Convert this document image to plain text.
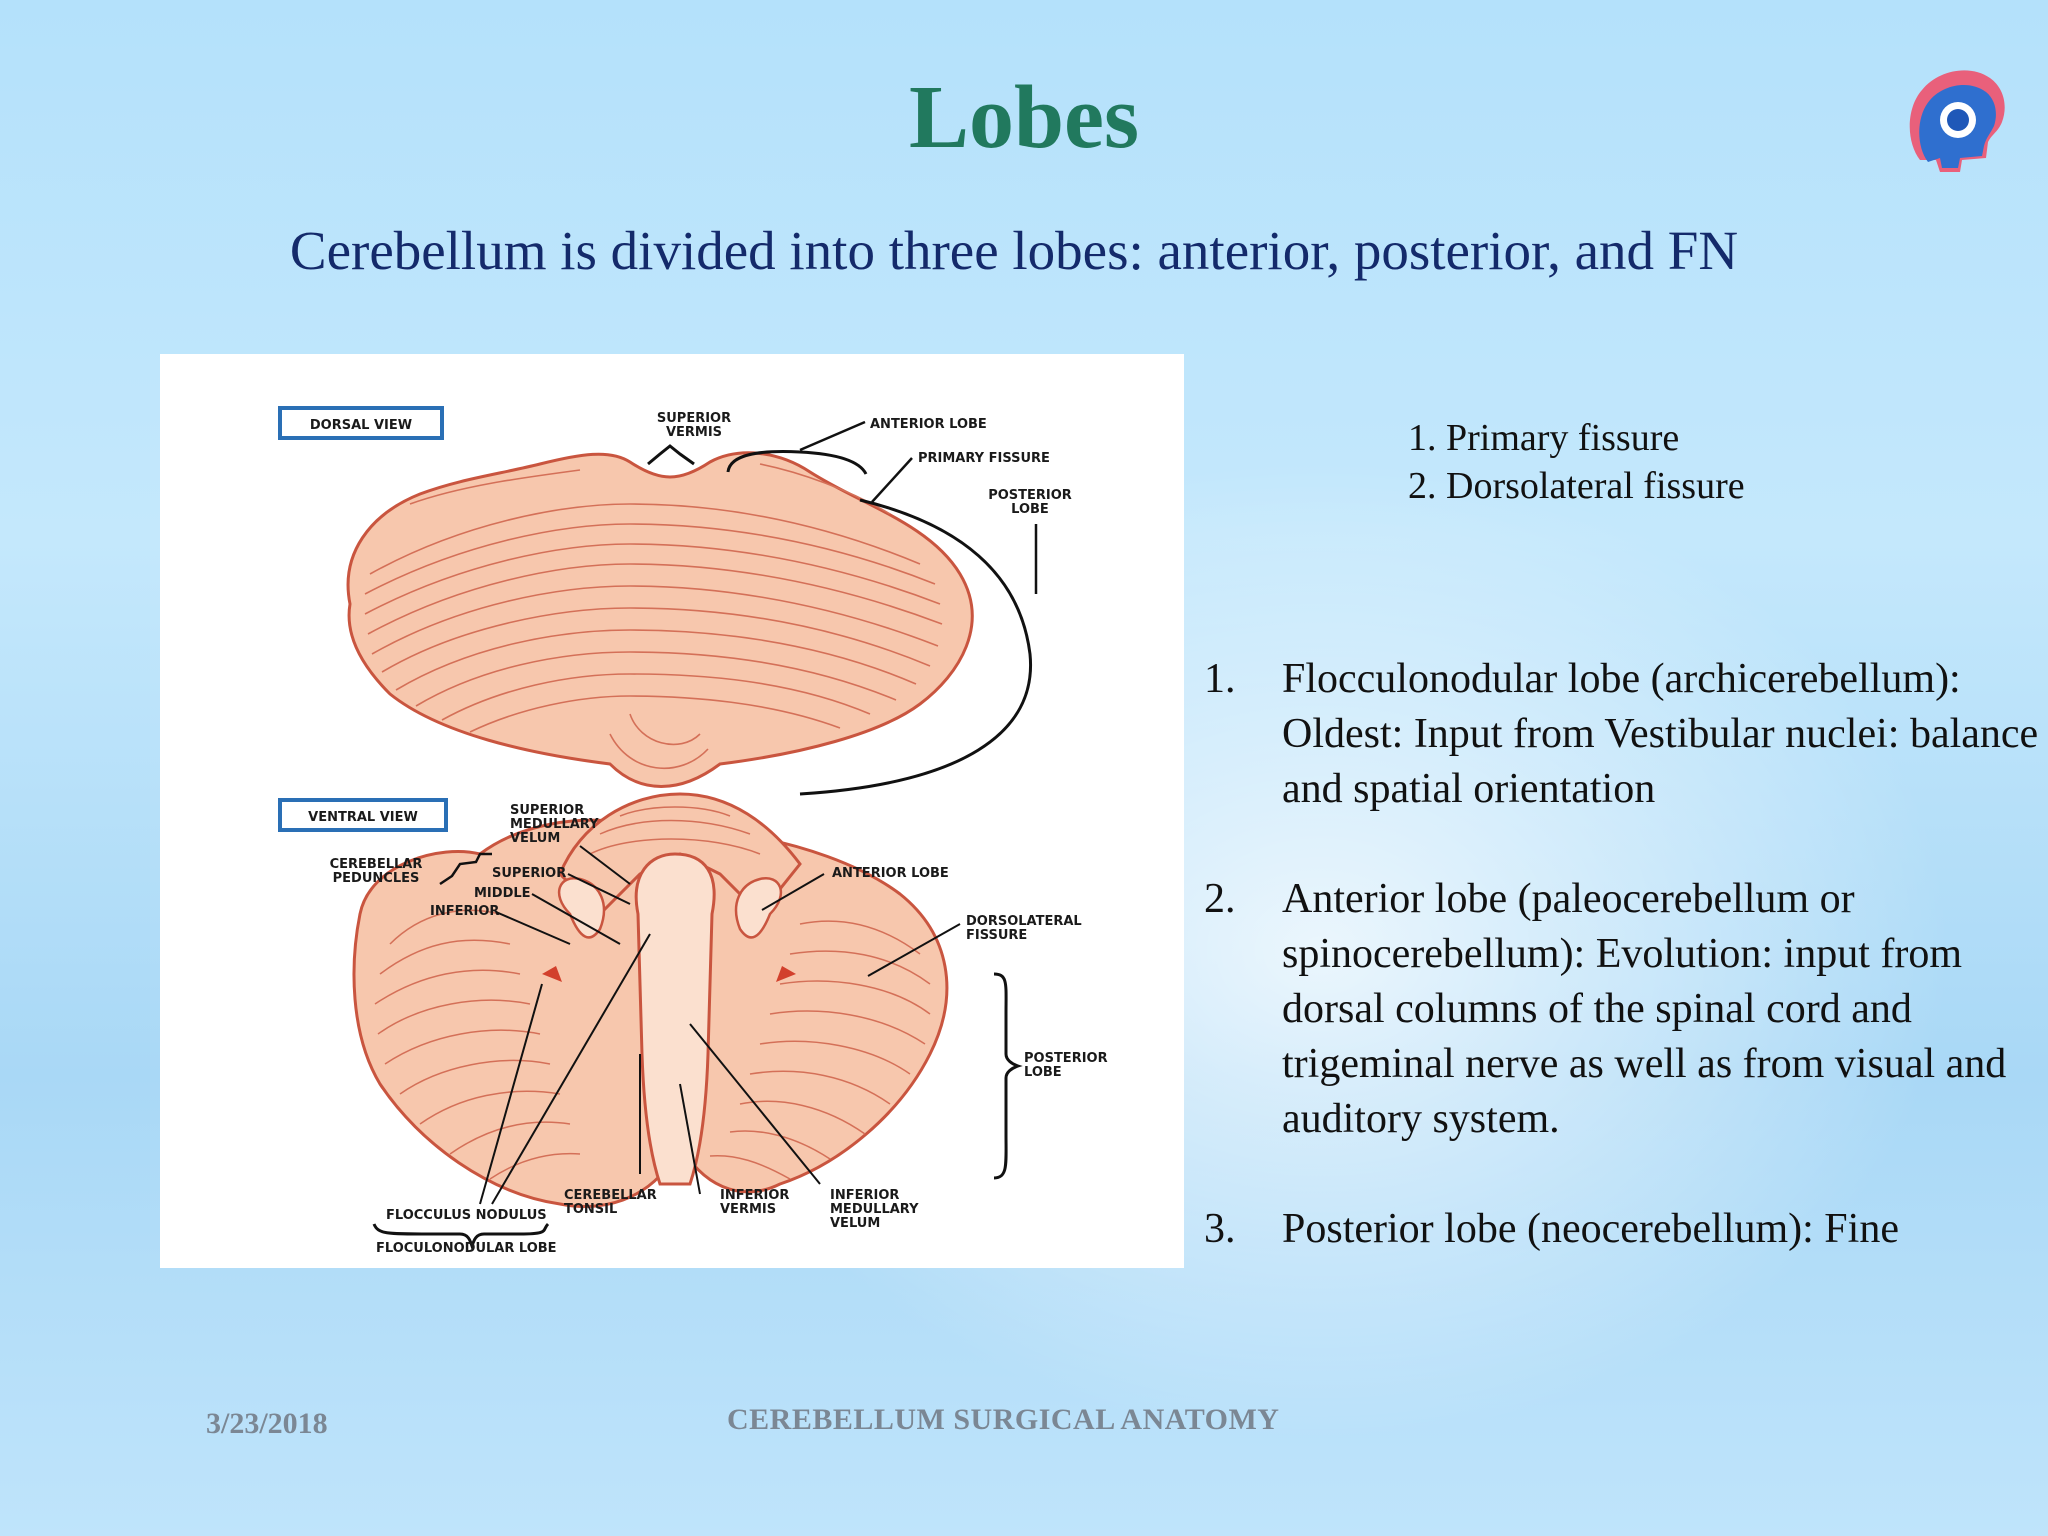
Lobes
Cerebellum is divided into three lobes: anterior, posterior, and FN
DORSAL VIEW	SUPERIOR
VERMIS
ANTERIOR LOBE
PRIMARY FISSURE
POSTERIOR
LOBE
VENTRAL VIEW	SUPERIOR
MEDULLARY
VELUM
CEREBELLAR
PEDUNCLES	SUPERIOR
MIDDLE
INFERIOR
ANTERIOR LOBE
DORSOLATERAL
FISSURE
POSTERIOR
LOBE
FLOCCULUS NODULUS
FLOCULONODULAR LOBE
CEREBELLAR
TONSIL
INFERIOR
VERMIS
INFERIOR
MEDULLARY
VELUM
1. Primary fissure
2. Dorsolateral fissure
1. Flocculonodular lobe (archicerebellum): Oldest: Input from Vestibular nuclei: balance and spatial orientation
2. Anterior lobe (paleocerebellum or spinocerebellum): Evolution: input from dorsal columns of the spinal cord and trigeminal nerve as well as from visual and auditory system.
3. Posterior lobe (neocerebellum): Fine
3/23/2018	CEREBELLUM SURGICAL ANATOMY
